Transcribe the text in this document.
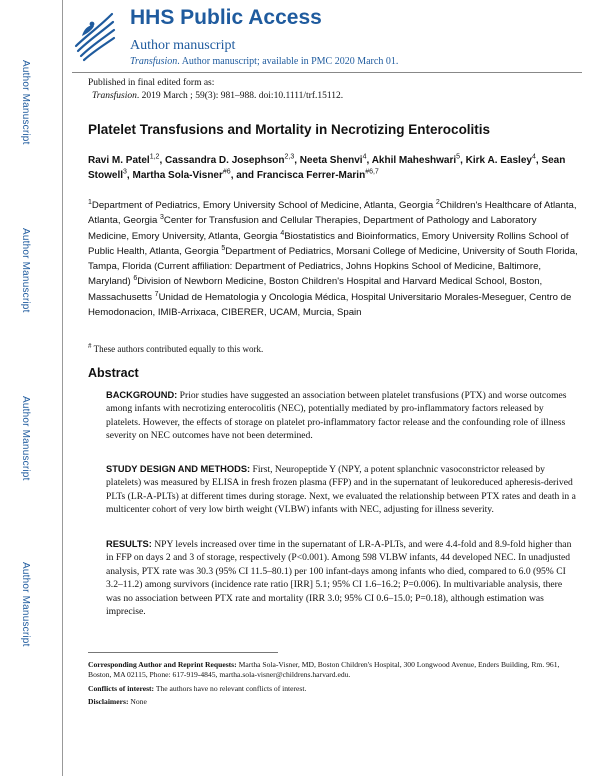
Author Manuscript
Author Manuscript
Author Manuscript
Author Manuscript
HHS Public Access
Author manuscript
Transfusion. Author manuscript; available in PMC 2020 March 01.
Published in final edited form as:
Transfusion. 2019 March ; 59(3): 981–988. doi:10.1111/trf.15112.
Platelet Transfusions and Mortality in Necrotizing Enterocolitis
Ravi M. Patel$^{1,2}$, Cassandra D. Josephson$^{2,3}$, Neeta Shenvi$^4$, Akhil Maheshwari$^5$, Kirk A. Easley$^4$, Sean Stowell$^3$, Martha Sola-Visner$^{\#6}$, and Francisca Ferrer-Marin$^{\#6,7}$
$^1$Department of Pediatrics, Emory University School of Medicine, Atlanta, Georgia $^2$Children's Healthcare of Atlanta, Atlanta, Georgia $^3$Center for Transfusion and Cellular Therapies, Department of Pathology and Laboratory Medicine, Emory University, Atlanta, Georgia $^4$Biostatistics and Bioinformatics, Emory University Rollins School of Public Health, Atlanta, Georgia $^5$Department of Pediatrics, Morsani College of Medicine, University of South Florida, Tampa, Florida (Current affiliation: Department of Pediatrics, Johns Hopkins School of Medicine, Baltimore, Maryland) $^6$Division of Newborn Medicine, Boston Children's Hospital and Harvard Medical School, Boston, Massachusetts $^7$Unidad de Hematologia y Oncologia Médica, Hospital Universitario Morales-Meseguer, Centro de Hemodonacion, IMIB-Arrixaca, CIBERER, UCAM, Murcia, Spain
# These authors contributed equally to this work.
Abstract

BACKGROUND: Prior studies have suggested an association between platelet transfusions (PTX) and worse outcomes among infants with necrotizing enterocolitis (NEC), potentially mediated by pro-inflammatory factors released by platelets. However, the effects of storage on platelet pro-inflammatory factor release and the confounding role of illness severity on NEC outcomes have not been determined.

STUDY DESIGN AND METHODS: First, Neuropeptide Y (NPY, a potent splanchnic vasoconstrictor released by platelets) was measured by ELISA in fresh frozen plasma (FFP) and in the supernatant of leukoreduced apheresis-derived PLTs (LR-A-PLTs) at different times during storage. Next, we evaluated the relationship between PTX rates and death in a multicenter cohort of very low birth weight (VLBW) infants with NEC, adjusting for illness severity.

RESULTS: NPY levels increased over time in the supernatant of LR-A-PLTs, and were 4.4-fold and 8.9-fold higher than in FFP on days 2 and 3 of storage, respectively (P<0.001). Among 598 VLBW infants, 44 developed NEC. In unadjusted analysis, PTX rate was 30.3 (95% CI 11.5–80.1) per 100 infant-days among infants who died, compared to 6.0 (95% CI 3.2–11.2) among survivors (incidence rate ratio [IRR] 5.1; 95% CI 1.6–16.2; P=0.006). In multivariable analysis, there was no association between PTX rate and mortality (IRR 3.0; 95% CI 0.6–15.0; P=0.18), although estimation was imprecise.

Corresponding Author and Reprint Requests: Martha Sola-Visner, MD, Boston Children's Hospital, 300 Longwood Avenue, Enders Building, Rm. 961, Boston, MA 02115, Phone: 617-919-4845, martha.sola-visner@childrens.harvard.edu.
Conflicts of interest: The authors have no relevant conflicts of interest.
Disclaimers: None
